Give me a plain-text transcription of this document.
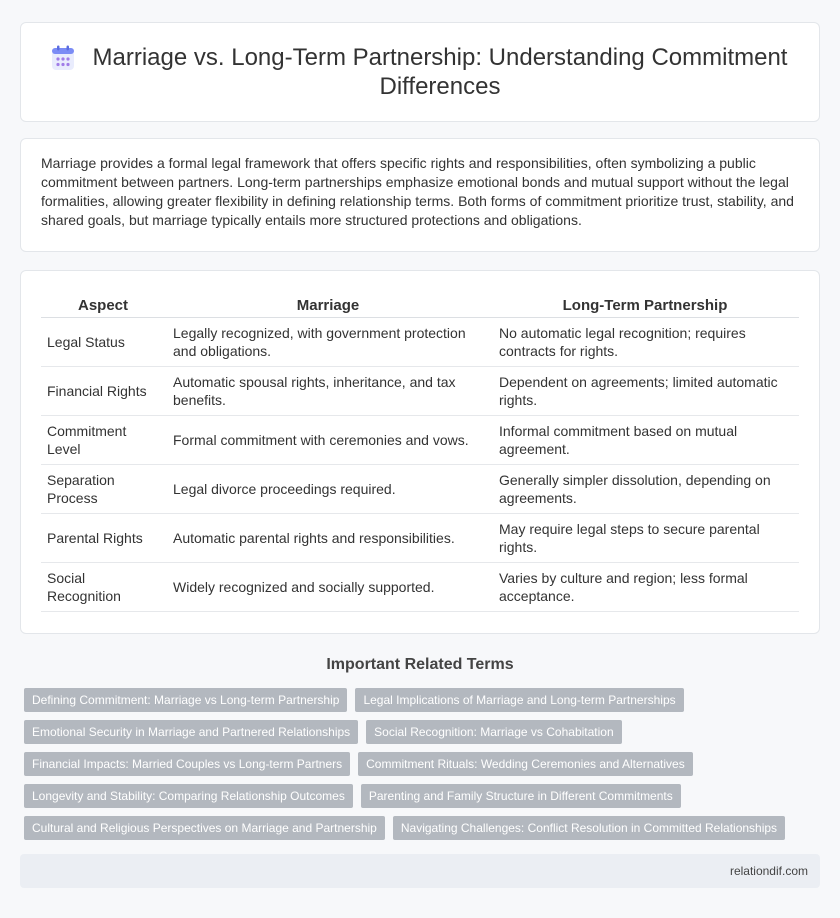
Marriage vs. Long-Term Partnership: Understanding Commitment Differences

Marriage provides a formal legal framework that offers specific rights and responsibilities, often symbolizing a public commitment between partners. Long-term partnerships emphasize emotional bonds and mutual support without the legal formalities, allowing greater flexibility in defining relationship terms. Both forms of commitment prioritize trust, stability, and shared goals, but marriage typically entails more structured protections and obligations.

Aspect	Marriage	Long-Term Partnership
Legal Status	Legally recognized, with government protection and obligations.	No automatic legal recognition; requires contracts for rights.
Financial Rights	Automatic spousal rights, inheritance, and tax benefits.	Dependent on agreements; limited automatic rights.
Commitment Level	Formal commitment with ceremonies and vows.	Informal commitment based on mutual agreement.
Separation Process	Legal divorce proceedings required.	Generally simpler dissolution, depending on agreements.
Parental Rights	Automatic parental rights and responsibilities.	May require legal steps to secure parental rights.
Social Recognition	Widely recognized and socially supported.	Varies by culture and region; less formal acceptance.
Important Related Terms
Defining Commitment: Marriage vs Long-term Partnership	Legal Implications of Marriage and Long-term Partnerships
Emotional Security in Marriage and Partnered Relationships	Social Recognition: Marriage vs Cohabitation
Financial Impacts: Married Couples vs Long-term Partners	Commitment Rituals: Wedding Ceremonies and Alternatives
Longevity and Stability: Comparing Relationship Outcomes	Parenting and Family Structure in Different Commitments
Cultural and Religious Perspectives on Marriage and Partnership	Navigating Challenges: Conflict Resolution in Committed Relationships
relationdif.com
